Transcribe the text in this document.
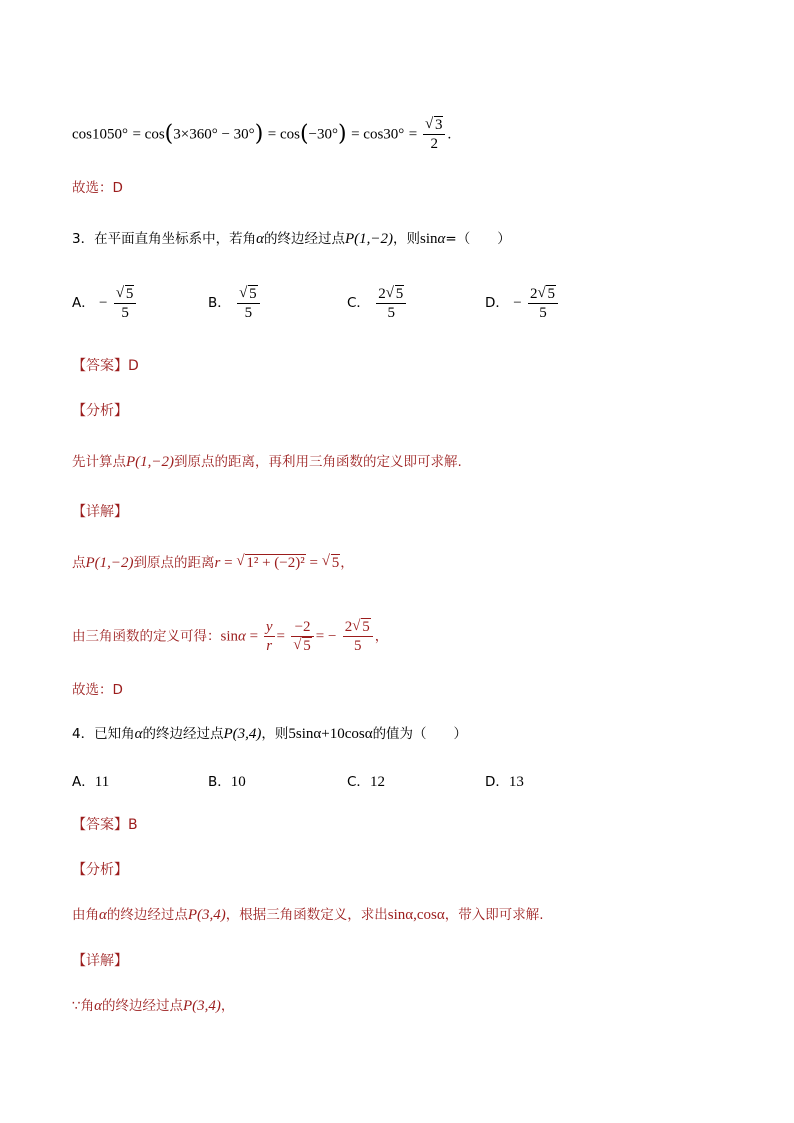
$\cos 1050^\circ = \cos(3\times 360^\circ - 30^\circ) = \cos(-30^\circ) = \cos 30^\circ = \frac{√ 3}{2}$ .
故选：D
3．在平面直角坐标系中，若角α的终边经过点P(1,−2)，则sinα=（　　）
A． − $\frac{√ 5}{5}$	B． $\frac{√ 5}{5}$	C． $\frac{2 √ 5}{5}$	D． − $\frac{2 √ 5}{5}$
【答案】D
【分析】
先计算点P(1,−2)到原点的距离，再利用三角函数的定义即可求解.
【详解】
点P(1,−2)到原点的距离r = √ 1² + (−2)² = √ 5，
由三角函数的定义可得：$\sin\alpha = \frac{y}{r} = \frac{-2}{√ 5}$ = − $\frac{2 √ 5}{5}$ ，
故选：D
4．已知角α的终边经过点P(3,4)，则5sinα+10cosα的值为（　　）
A．11	B．10	C．12	D．13
【答案】B
【分析】
由角α的终边经过点P(3,4)，根据三角函数定义，求出sinα,cosα，带入即可求解.
【详解】
∵角α的终边经过点P(3,4)，
